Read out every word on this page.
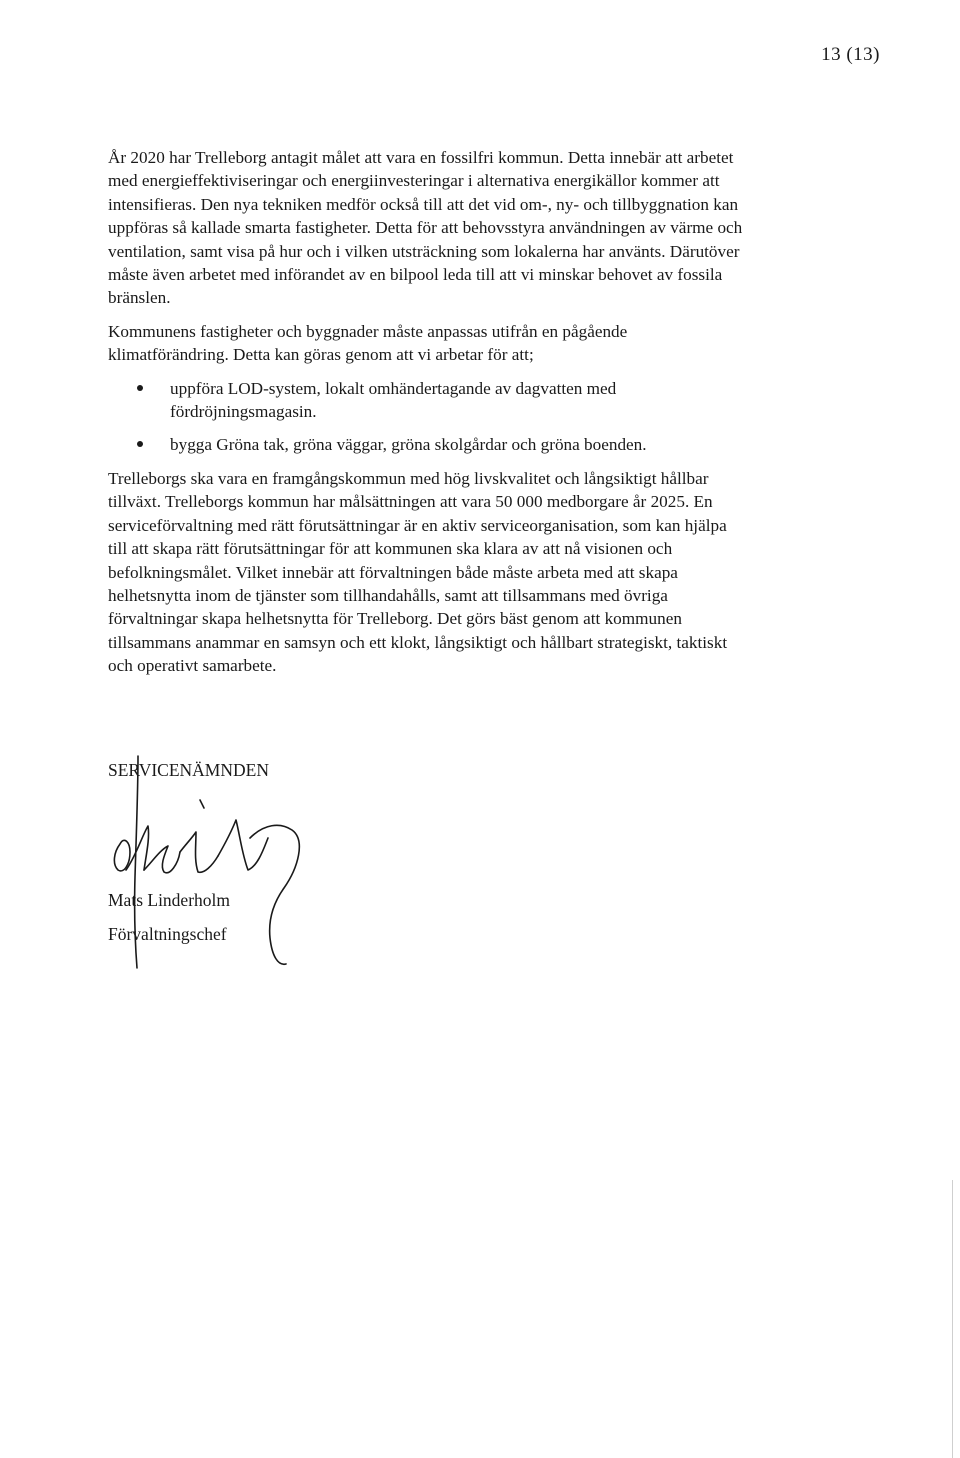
13 (13)

År 2020 har Trelleborg antagit målet att vara en fossilfri kommun. Detta innebär att arbetet med energieffektiviseringar och energiinvesteringar i alternativa energikällor kommer att intensifieras. Den nya tekniken medför också till att det vid om-, ny- och tillbyggnation kan uppföras så kallade smarta fastigheter. Detta för att behovsstyra användningen av värme och ventilation, samt visa på hur och i vilken utsträckning som lokalerna har använts. Därutöver måste även arbetet med införandet av en bilpool leda till att vi minskar behovet av fossila bränslen.

Kommunens fastigheter och byggnader måste anpassas utifrån en pågående klimatförändring. Detta kan göras genom att vi arbetar för att;

uppföra LOD-system, lokalt omhändertagande av dagvatten med fördröjningsmagasin.
bygga Gröna tak, gröna väggar, gröna skolgårdar och gröna boenden.

Trelleborgs ska vara en framgångskommun med hög livskvalitet och långsiktigt hållbar tillväxt. Trelleborgs kommun har målsättningen att vara 50 000 medborgare år 2025. En serviceförvaltning med rätt förutsättningar är en aktiv serviceorganisation, som kan hjälpa till att skapa rätt förutsättningar för att kommunen ska klara av att nå visionen och befolkningsmålet. Vilket innebär att förvaltningen både måste arbeta med att skapa helhetsnytta inom de tjänster som tillhandahålls, samt att tillsammans med övriga förvaltningar skapa helhetsnytta för Trelleborg. Det görs bäst genom att kommunen tillsammans anammar en samsyn och ett klokt, långsiktigt och hållbart strategiskt, taktiskt och operativt samarbete.

SERVICENÄMNDEN
Mats Linderholm
Förvaltningschef
